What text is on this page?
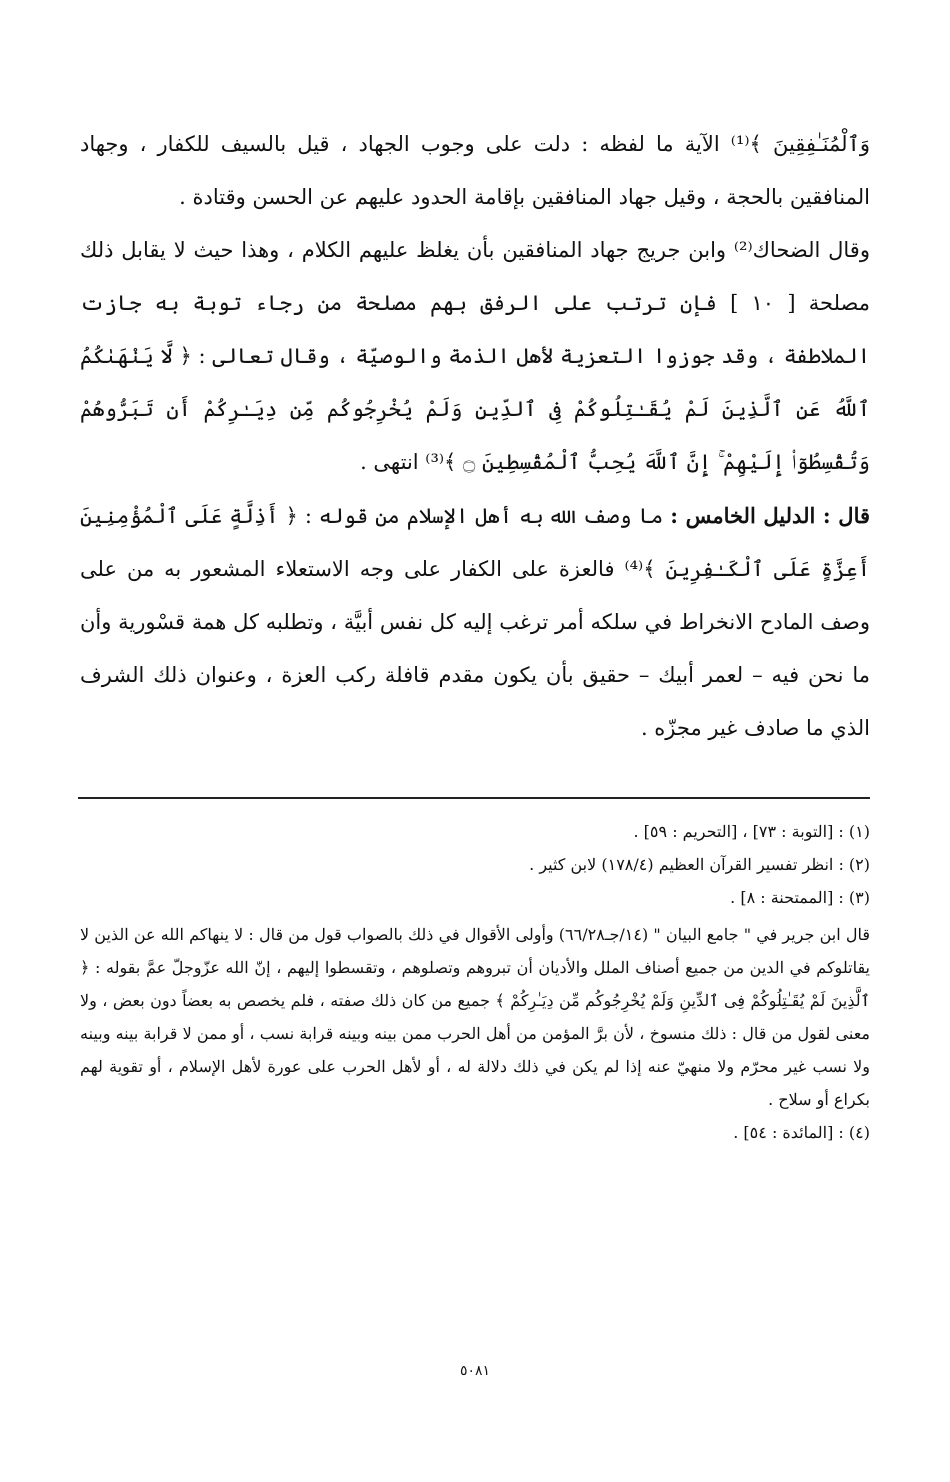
وَٱلْمُنَـٰفِقِينَ ﴾⁽¹⁾ الآية ما لفظه : دلت على وجوب الجهاد ، قيل بالسيف للكفار ، وجهاد المنافقين بالحجة ، وقيل جهاد المنافقين بإقامة الحدود عليهم عن الحسن وقتادة .

وقال الضحاك⁽²⁾ وابن جريج جهاد المنافقين بأن يغلظ عليهم الكلام ، وهذا حيث لا يقابل ذلك مصلحة [ ١٠ ] فإن ترتب على الرفق بهم مصلحة من رجاء توبة به جازت الملاطفة ، وقد جوزوا التعزية لأهل الذمة والوصيّة ، وقال تعالى : ﴿ لَّا يَنْهَىٰكُمُ ٱللَّهُ عَنِ ٱلَّذِينَ لَمْ يُقَـٰتِلُوكُمْ فِى ٱلدِّينِ وَلَمْ يُخْرِجُوكُم مِّن دِيَـٰرِكُمْ أَن تَبَرُّوهُمْ وَتُقْسِطُوٓا۟ إِلَيْهِمْ ۚ إِنَّ ٱللَّهَ يُحِبُّ ٱلْمُقْسِطِينَ ۝ ﴾⁽³⁾ انتهى .

قال : الدليل الخامس : ما وصف الله به أهل الإسلام من قوله : ﴿ أَذِلَّةٍ عَلَى ٱلْمُؤْمِنِينَ أَعِزَّةٍ عَلَى ٱلْكَـٰفِرِينَ ﴾⁽⁴⁾ فالعزة على الكفار على وجه الاستعلاء المشعور به من على وصف المادح الانخراط في سلكه أمر ترغب إليه كل نفس أبيَّة ، وتطلبه كل همة قسْورية وأن ما نحن فيه – لعمر أبيك – حقيق بأن يكون مقدم قافلة ركب العزة ، وعنوان ذلك الشرف الذي ما صادف غير مجزّه .

(١) : [التوبة : ٧٣] ، [التحريم : ٥٩] .

(٢) : انظر تفسير القرآن العظيم (١٧٨/٤) لابن كثير .

(٣) : [الممتحنة : ٨] .

قال ابن جرير في " جامع البيان " (١٤/جـ٦٦/٢٨) وأولى الأقوال في ذلك بالصواب قول من قال : لا ينهاكم الله عن الذين لا يقاتلوكم في الدين من جميع أصناف الملل والأديان أن تبروهم وتصلوهم ، وتقسطوا إليهم ، إنّ الله عزّوجلّ عمَّ بقوله : ﴿ ٱلَّذِينَ لَمْ يُقَـٰتِلُوكُمْ فِى ٱلدِّينِ وَلَمْ يُخْرِجُوكُم مِّن دِيَـٰرِكُمْ ﴾ جميع من كان ذلك صفته ، فلم يخصص به بعضاً دون بعض ، ولا معنى لقول من قال : ذلك منسوخ ، لأن برَّ المؤمن من أهل الحرب ممن بينه وبينه قرابة نسب ، أو ممن لا قرابة بينه وبينه ولا نسب غير محرّم ولا منهيّ عنه إذا لم يكن في ذلك دلالة له ، أو لأهل الحرب على عورة لأهل الإسلام ، أو تقوية لهم بكراع أو سلاح .

(٤) : [المائدة : ٥٤] .

٥٠٨١
